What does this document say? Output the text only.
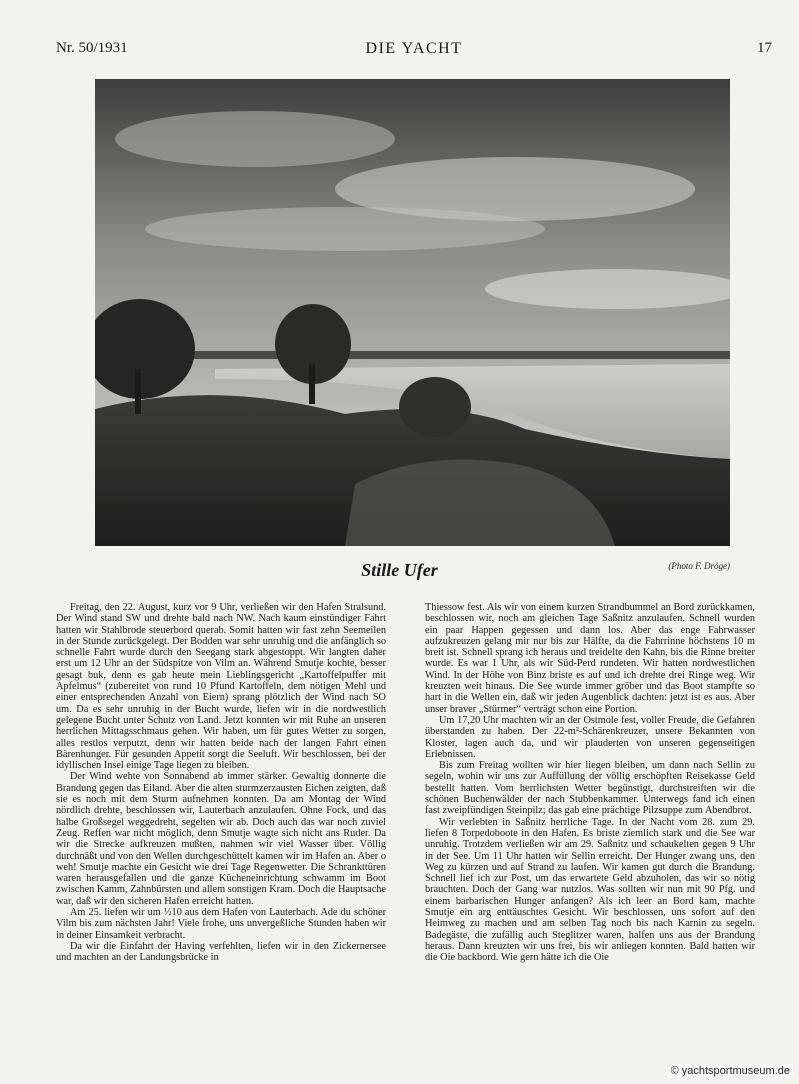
Nr. 50/1931	DIE YACHT	17
Stille Ufer	(Photo F. Dröge)

Freitag, den 22. August, kurz vor 9 Uhr, verließen wir den Hafen Stralsund. Der Wind stand SW und drehte bald nach NW. Nach kaum einstündiger Fahrt hatten wir Stahlbrode steuerbord querab. Somit hatten wir fast zehn Seemeilen in der Stunde zurückgelegt. Der Bodden war sehr unruhig und die anfänglich so schnelle Fahrt wurde durch den Seegang stark abgestoppt. Wir langten daher erst um 12 Uhr an der Südspitze von Vilm an. Während Smutje kochte, besser gesagt buk, denn es gab heute mein Lieblingsgericht „Kartoffelpuffer mit Apfelmus“ (zubereitet von rund 10 Pfund Kartoffeln, dem nötigen Mehl und einer entsprechenden Anzahl von Eiern) sprang plötzlich der Wind nach SO um. Da es sehr unruhig in der Bucht wurde, liefen wir in die nordwestlich gelegene Bucht unter Schutz von Land. Jetzt konnten wir mit Ruhe an unseren herrlichen Mittagsschmaus gehen. Wir haben, um für gutes Wetter zu sorgen, alles restlos verputzt, denn wir hatten beide nach der langen Fahrt einen Bärenhunger. Für gesunden Appetit sorgt die Seeluft. Wir beschlossen, bei der idyllischen Insel einige Tage liegen zu bleiben.

Der Wind wehte von Sonnabend ab immer stärker. Gewaltig donnerte die Brandung gegen das Eiland. Aber die alten sturmzerzausten Eichen zeigten, daß sie es noch mit dem Sturm aufnehmen konnten. Da am Montag der Wind nördlich drehte, beschlossen wir, Lauterbach anzulaufen. Ohne Fock, und das halbe Großsegel weggedreht, segelten wir ab. Doch auch das war noch zuviel Zeug. Reffen war nicht möglich, denn Smutje wagte sich nicht ans Ruder. Da wir die Strecke aufkreuzen mußten, nahmen wir viel Wasser über. Völlig durchnäßt und von den Wellen durchgeschüttelt kamen wir im Hafen an. Aber o weh! Smutje machte ein Gesicht wie drei Tage Regenwetter. Die Schrankttüren waren herausgefallen und die ganze Kücheneinrichtung schwamm im Boot zwischen Kamm, Zahnbürsten und allem sonstigen Kram. Doch die Hauptsache war, daß wir den sicheren Hafen erreicht hatten.

Am 25. liefen wir um ½10 aus dem Hafen von Lauterbach. Ade du schöner Vilm bis zum nächsten Jahr! Viele frohe, uns unvergeßliche Stunden haben wir in deiner Einsamkeit verbracht.

Da wir die Einfahrt der Having verfehlten, liefen wir in den Zickernersee und machten an der Landungsbrücke in

Thiessow fest. Als wir von einem kurzen Strandbummel an Bord zurückkamen, beschlossen wir, noch am gleichen Tage Saßnitz anzulaufen. Schnell wurden ein paar Happen gegessen und dann los. Aber das enge Fahrwasser aufzukreuzen gelang mir nur bis zur Hälfte, da die Fahrrinne höchstens 10 m breit ist. Schnell sprang ich heraus und treidelte den Kahn, bis die Rinne breiter wurde. Es war 1 Uhr, als wir Süd-Perd rundeten. Wir hatten nordwestlichen Wind. In der Höhe von Binz briste es auf und ich drehte drei Ringe weg. Wir kreuzten weit hinaus. Die See wurde immer gröber und das Boot stampfte so hart in die Wellen ein, daß wir jeden Augenblick dachten: jetzt ist es aus. Aber unser braver „Stürmer“ verträgt schon eine Portion.

Um 17,20 Uhr machten wir an der Ostmole fest, voller Freude, die Gefahren überstanden zu haben. Der 22-m²-Schärenkreuzer, unsere Bekannten von Kloster, lagen auch da, und wir plauderten von unseren gegenseitigen Erlebnissen.

Bis zum Freitag wollten wir hier liegen bleiben, um dann nach Sellin zu segeln, wohin wir uns zur Auffüllung der völlig erschöpften Reisekasse Geld bestellt hatten. Vom herrlichsten Wetter begünstigt, durchstreiften wir die schönen Buchenwälder der nach Stubbenkammer. Unterwegs fand ich einen fast zweipfündigen Steinpilz; das gab eine prächtige Pilzsuppe zum Abendbrot.

Wir verlebten in Saßnitz herrliche Tage. In der Nacht vom 28. zum 29. liefen 8 Torpedoboote in den Hafen. Es briste ziemlich stark und die See war unruhig. Trotzdem verließen wir am 29. Saßnitz und schaukelten gegen 9 Uhr in der See. Um 11 Uhr hatten wir Sellin erreicht. Der Hunger zwang uns, den Weg zu kürzen und auf Strand zu laufen. Wir kamen gut durch die Brandung. Schnell lief ich zur Post, um das erwartete Geld abzuholen, das wir so nötig brauchten. Doch der Gang war nutzlos. Was sollten wir nun mit 90 Pfg. und einem barbarischen Hunger anfangen? Als ich leer an Bord kam, machte Smutje ein arg enttäuschtes Gesicht. Wir beschlossen, uns sofort auf den Heimweg zu machen und am selben Tag noch bis nach Karnin zu segeln. Badegäste, die zufällig auch Steglitzer waren, halfen uns aus der Brandung heraus. Dann kreuzten wir uns frei, bis wir anliegen konnten. Bald hatten wir die Oie backbord. Wie gern hätte ich die Oie

© yachtsportmuseum.de
